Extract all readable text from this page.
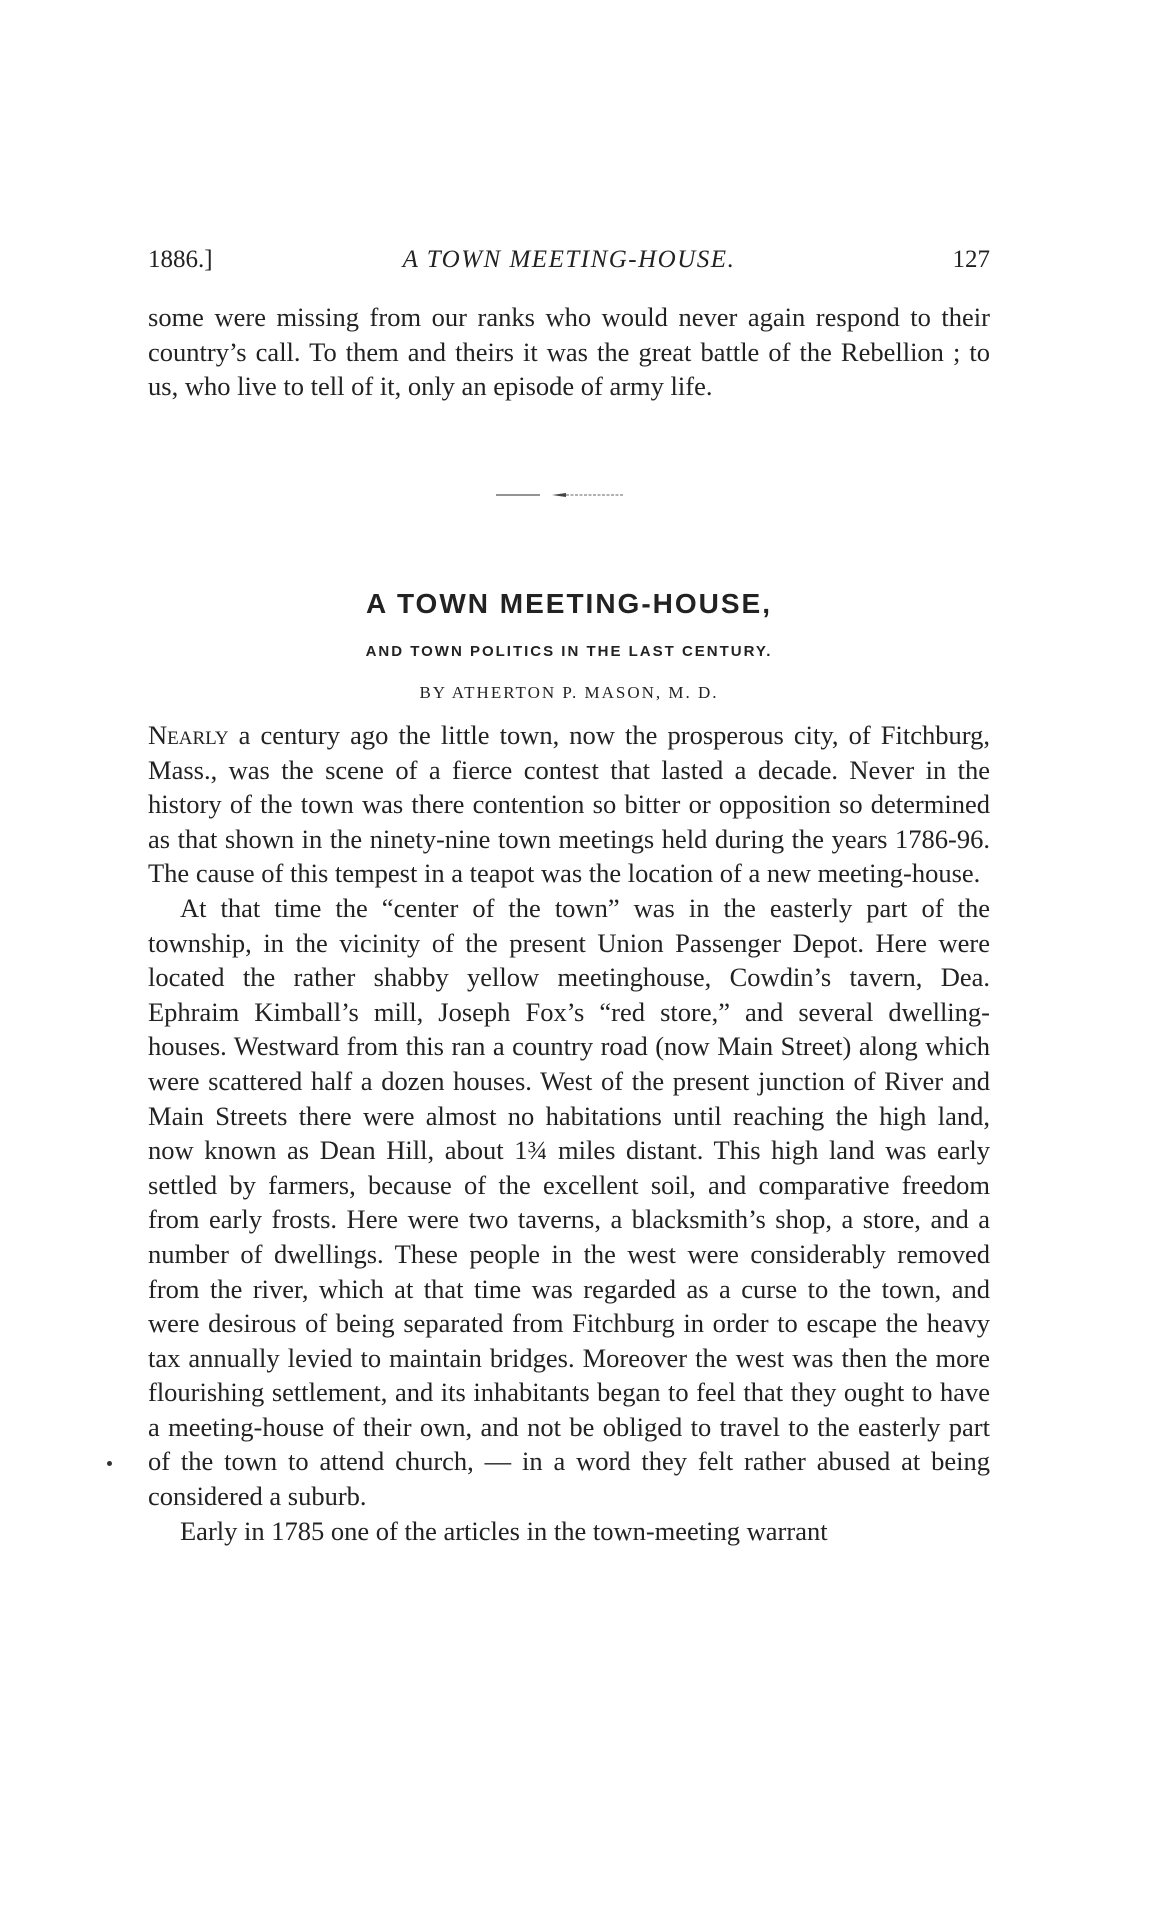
1886.]	A TOWN MEETING-HOUSE.	127

some were missing from our ranks who would never again respond to their country’s call. To them and theirs it was the great battle of the Rebellion ; to us, who live to tell of it, only an episode of army life.

A TOWN MEETING-HOUSE,
AND TOWN POLITICS IN THE LAST CENTURY.
BY ATHERTON P. MASON, M. D.

Nearly a century ago the little town, now the prosperous city, of Fitchburg, Mass., was the scene of a fierce contest that lasted a decade. Never in the history of the town was there contention so bitter or opposition so determined as that shown in the ninety-nine town meetings held during the years 1786-96. The cause of this tempest in a teapot was the location of a new meeting-house.

At that time the “center of the town” was in the easterly part of the township, in the vicinity of the present Union Passenger Depot. Here were located the rather shabby yellow meetinghouse, Cowdin’s tavern, Dea. Ephraim Kimball’s mill, Joseph Fox’s “red store,” and several dwelling-houses. Westward from this ran a country road (now Main Street) along which were scattered half a dozen houses. West of the present junction of River and Main Streets there were almost no habitations until reaching the high land, now known as Dean Hill, about 1¾ miles distant. This high land was early settled by farmers, because of the excellent soil, and comparative freedom from early frosts. Here were two taverns, a blacksmith’s shop, a store, and a number of dwellings. These people in the west were considerably removed from the river, which at that time was regarded as a curse to the town, and were desirous of being separated from Fitchburg in order to escape the heavy tax annually levied to maintain bridges. Moreover the west was then the more flourishing settlement, and its inhabitants began to feel that they ought to have a meeting-house of their own, and not be obliged to travel to the easterly part of the town to attend church, — in a word they felt rather abused at being considered a suburb.

Early in 1785 one of the articles in the town-meeting warrant
